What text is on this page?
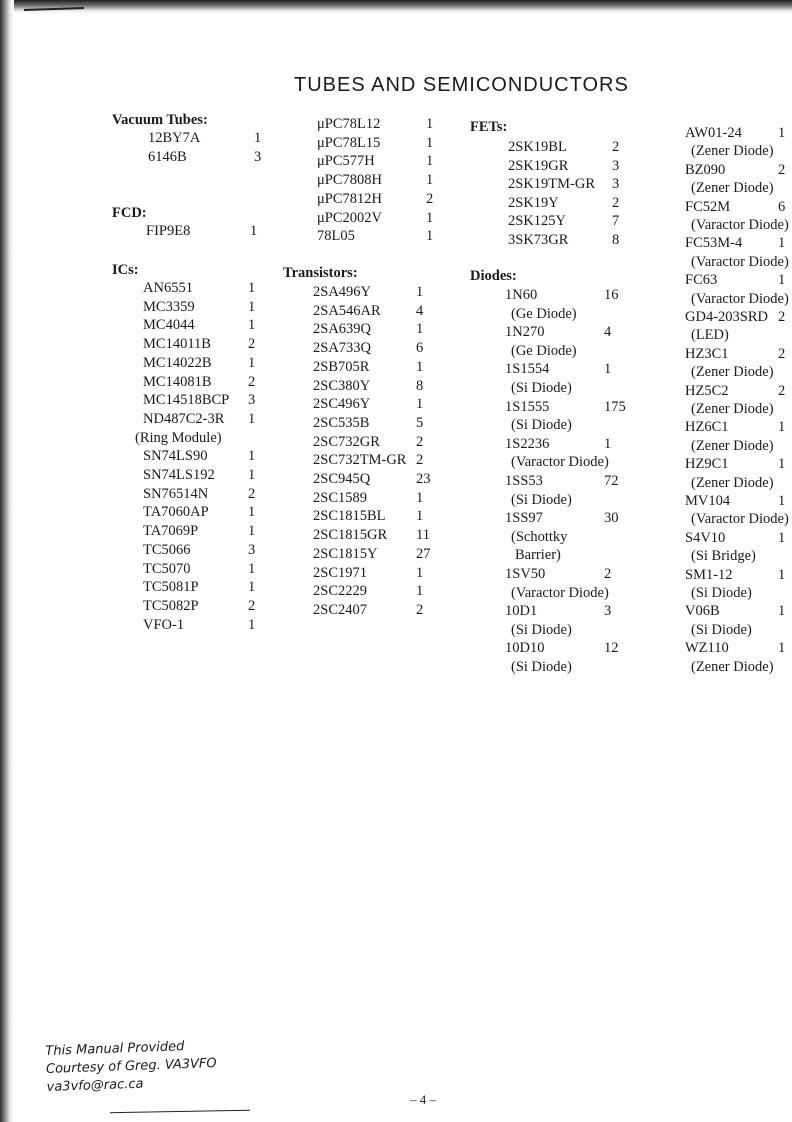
TUBES AND SEMICONDUCTORS
Vacuum Tubes:
12BY7A	1
6146B	3
FCD:
FIP9E8	1
ICs:
AN6551	1
MC3359	1
MC4044	1
MC14011B	2
MC14022B	1
MC14081B	2
MC14518BCP 3
ND487C2-3R 1
(Ring Module)
SN74LS90	1
SN74LS192 1
SN76514N	2
TA7060AP	1
TA7069P	1
TC5066	3
TC5070	1
TC5081P	1
TC5082P	2
VFO-1	1
μPC78L12	1
μPC78L15	1
μPC577H	1
μPC7808H	1
μPC7812H	2
μPC2002V	1
78L05	1
Transistors:
2SA496Y	1
2SA546AR 4
2SA639Q	1
2SA733Q	6
2SB705R	1
2SC380Y	8
2SC496Y	1
2SC535B	5
2SC732GR 2
2SC732TM-GR 2
2SC945Q	23
2SC1589	1
2SC1815BL 1
2SC1815GR 11
2SC1815Y	27
2SC1971	1
2SC2229	1
2SC2407	2
FETs:
2SK19BL	2
2SK19GR	3
2SK19TM-GR 3
2SK19Y	2
2SK125Y	7
3SK73GR	8
Diodes:
1N60	16
(Ge Diode)
1N270	4
(Ge Diode)
1S1554	1
(Si Diode)
1S1555	175
(Si Diode)
1S2236	1
(Varactor Diode)
1SS53	72
(Si Diode)
1SS97	30
(Schottky
Barrier)
1SV50	2
(Varactor Diode)
10D1	3
(Si Diode)
10D10	12
(Si Diode)
AW01-24 1
(Zener Diode)
BZ090	2
(Zener Diode)
FC52M	6
(Varactor Diode)
FC53M-4 1
(Varactor Diode)
FC63	1
(Varactor Diode)
GD4-203SRD 2
(LED)
HZ3C1	2
(Zener Diode)
HZ5C2	2
(Zener Diode)
HZ6C1	1
(Zener Diode)
HZ9C1	1
(Zener Diode)
MV104	1
(Varactor Diode)
S4V10	1
(Si Bridge)
SM1-12	1
(Si Diode)
V06B	1
(Si Diode)
WZ110	1
(Zener Diode)
This Manual Provided
Courtesy of Greg. VA3VFO
va3vfo@rac.ca
– 4 –
